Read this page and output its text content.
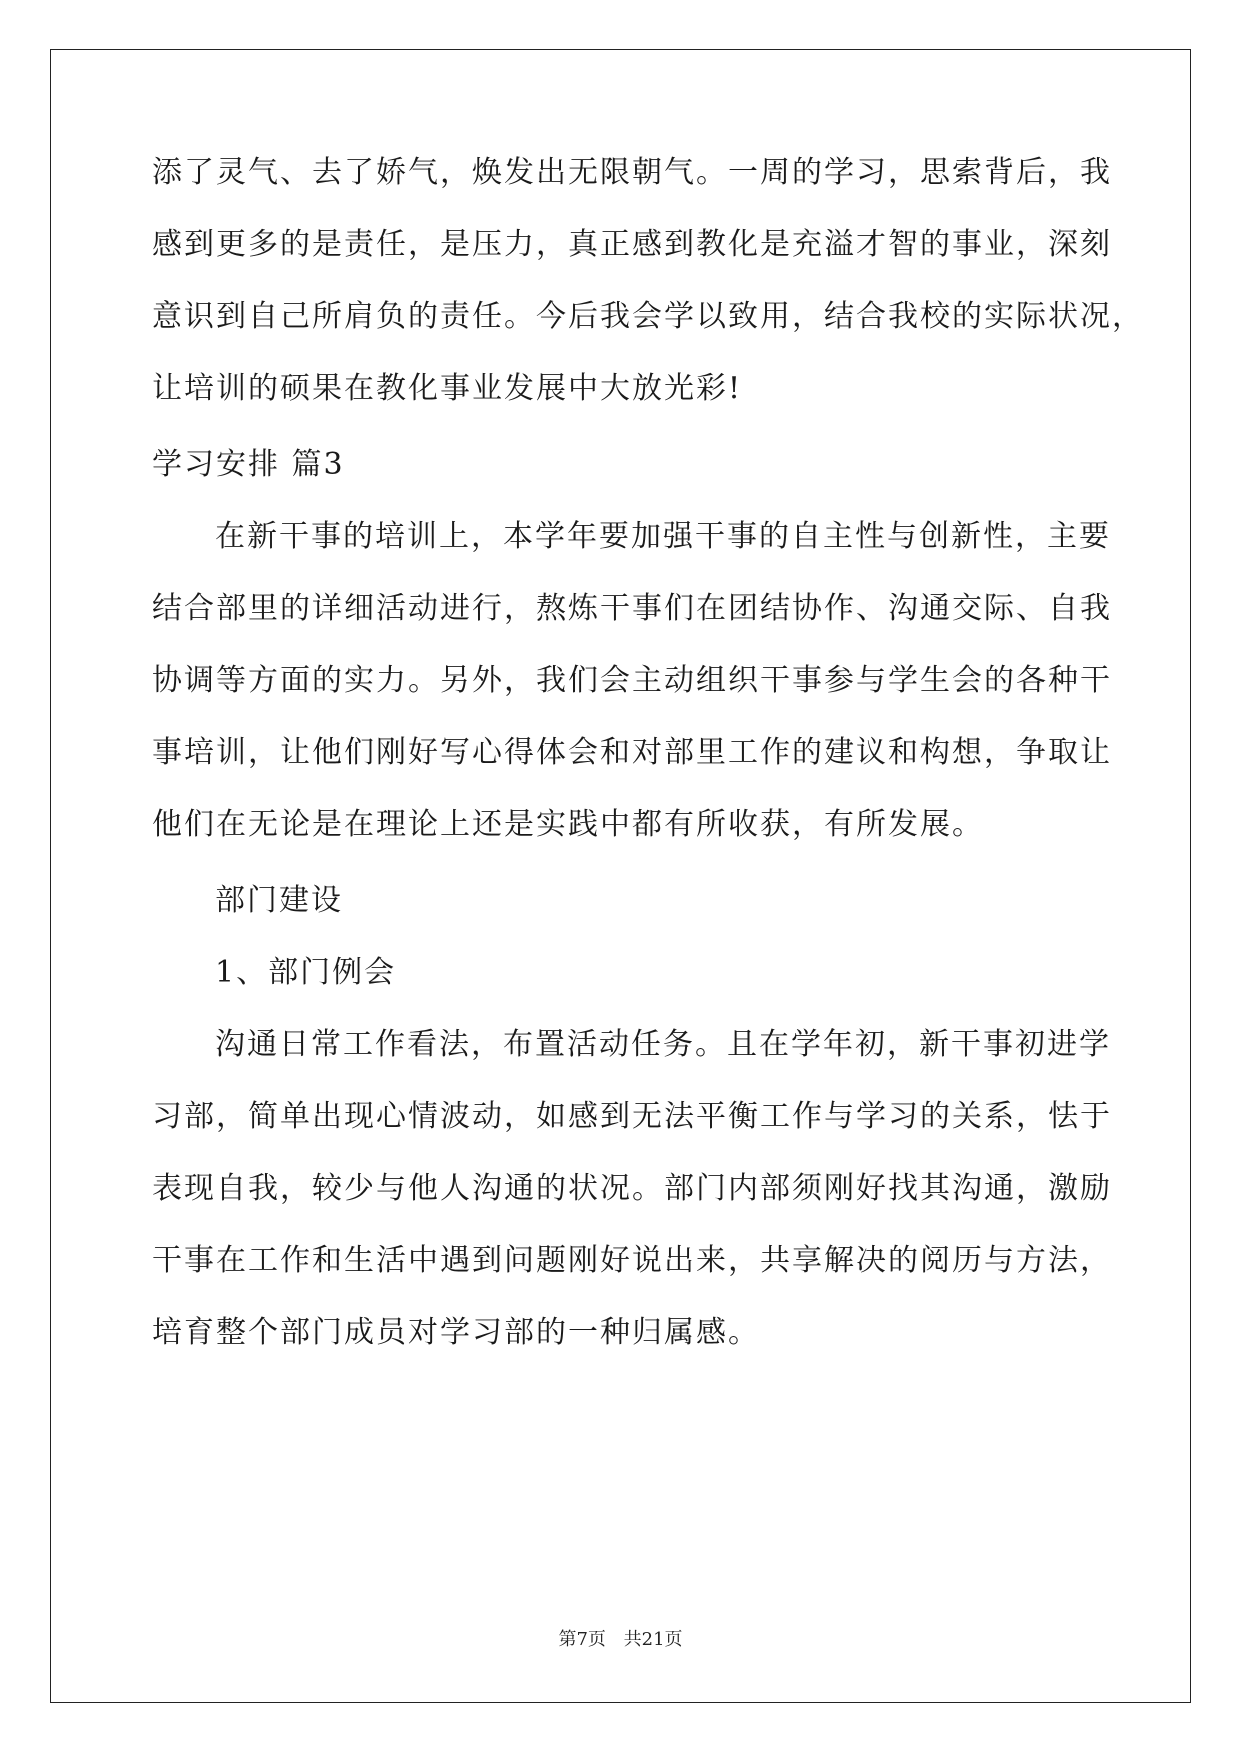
添了灵气、去了娇气，焕发出无限朝气。一周的学习，思索背后，我

感到更多的是责任，是压力，真正感到教化是充溢才智的事业，深刻

意识到自己所肩负的责任。今后我会学以致用，结合我校的实际状况，

让培训的硕果在教化事业发展中大放光彩!

学习安排 篇3

在新干事的培训上，本学年要加强干事的自主性与创新性，主要

结合部里的详细活动进行，熬炼干事们在团结协作、沟通交际、自我

协调等方面的实力。另外，我们会主动组织干事参与学生会的各种干

事培训，让他们刚好写心得体会和对部里工作的建议和构想，争取让

他们在无论是在理论上还是实践中都有所收获，有所发展。

部门建设

1、部门例会

沟通日常工作看法，布置活动任务。且在学年初，新干事初进学

习部，简单出现心情波动，如感到无法平衡工作与学习的关系，怯于

表现自我，较少与他人沟通的状况。部门内部须刚好找其沟通，激励

干事在工作和生活中遇到问题刚好说出来，共享解决的阅历与方法，

培育整个部门成员对学习部的一种归属感。

第7页 共21页
